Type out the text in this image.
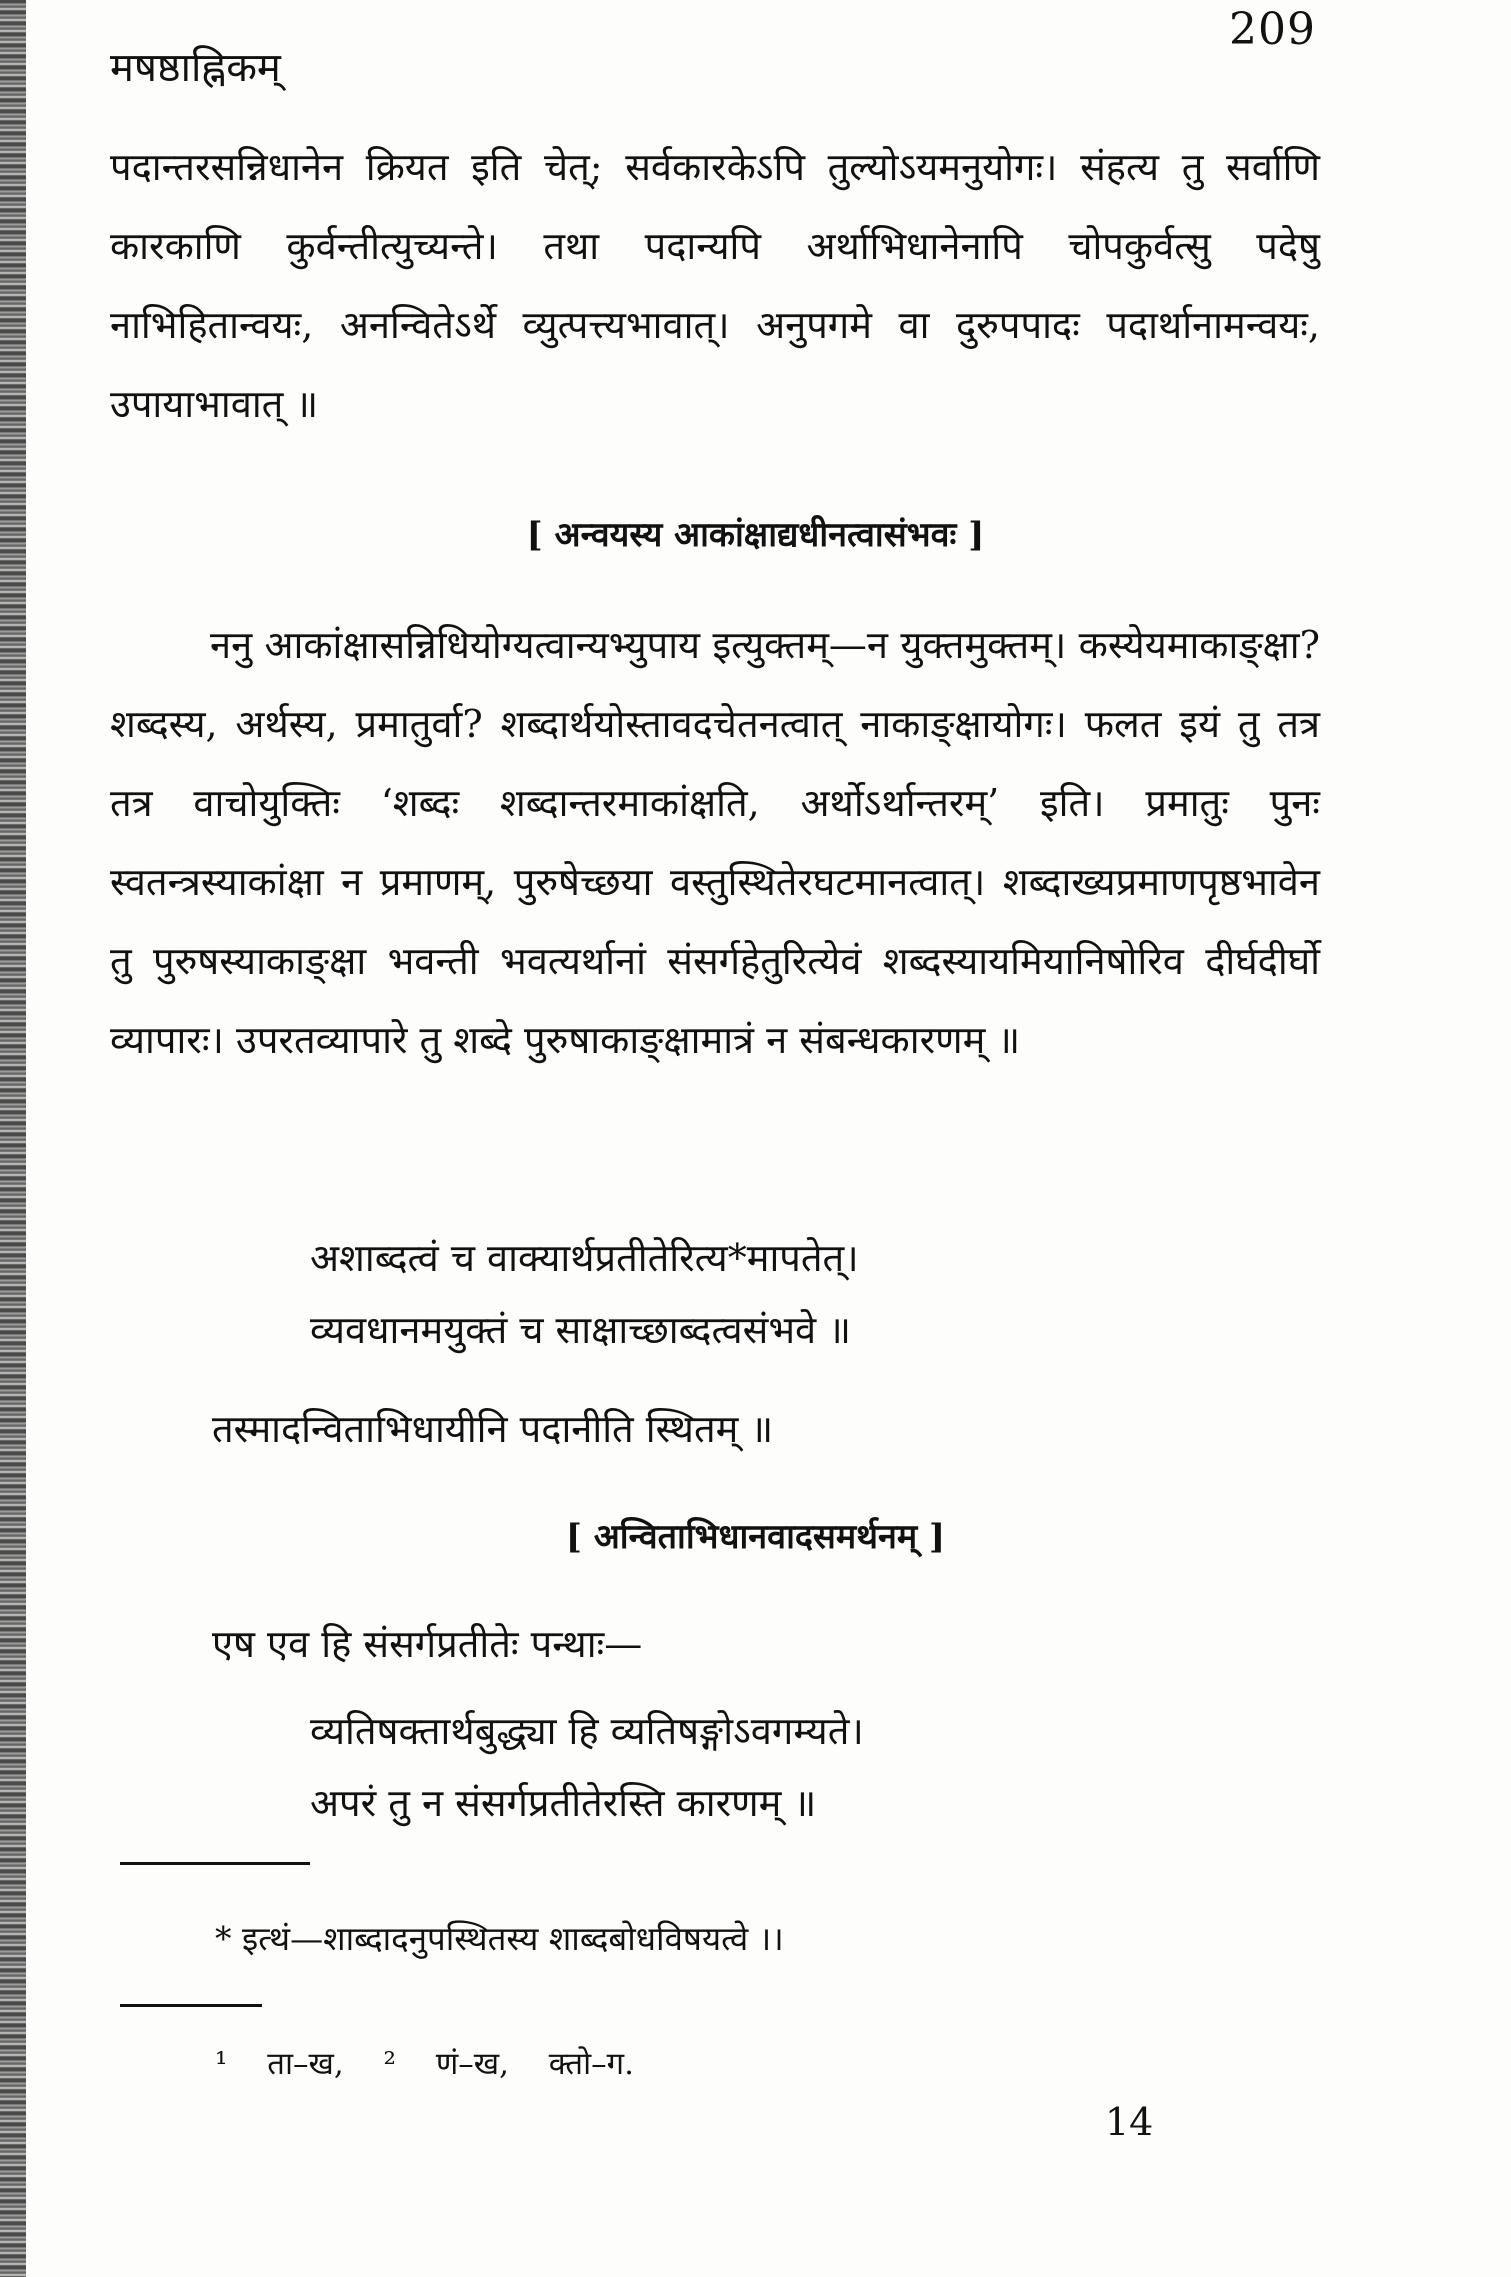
209
मषष्ठाह्निकम्

पदान्तरसन्निधानेन क्रियत इति चेत्; सर्वकारकेऽपि तुल्योऽयमनुयोगः। संहत्य तु सर्वाणि कारकाणि कुर्वन्तीत्युच्यन्ते। तथा पदान्यपि अर्थाभिधानेनापि चोपकुर्वत्सु पदेषु नाभिहितान्वयः, अनन्वितेऽर्थे व्युत्पत्त्यभावात्। अनुपगमे वा दुरुपपादः पदार्थानामन्वयः, उपायाभावात् ॥

[ अन्वयस्य आकांक्षाद्यधीनत्वासंभवः ]

ननु आकांक्षासन्निधियोग्यत्वान्यभ्युपाय इत्युक्तम्—न युक्तमुक्तम्। कस्येयमाकाङ्क्षा? शब्दस्य, अर्थस्य, प्रमातुर्वा? शब्दार्थयोस्तावदचेतनत्वात् नाकाङ्क्षायोगः। फलत इयं तु तत्र तत्र वाचोयुक्तिः ‘शब्दः शब्दान्तरमाकांक्षति, अर्थोऽर्थान्तरम्’ इति। प्रमातुः पुनः स्वतन्त्रस्याकांक्षा न प्रमाणम्, पुरुषेच्छया वस्तुस्थितेरघटमानत्वात्। शब्दाख्यप्रमाणपृष्ठभावेन तु पुरुषस्याकाङ्क्षा भवन्ती भवत्यर्थानां संसर्गहेतुरित्येवं शब्दस्यायमियानिषोरिव दीर्घदीर्घो व्यापारः। उपरतव्यापारे तु शब्दे पुरुषाकाङ्क्षामात्रं न संबन्धकारणम् ॥

अशाब्दत्वं च वाक्यार्थप्रतीतेरित्य*मापतेत्।
व्यवधानमयुक्तं च साक्षाच्छाब्दत्वसंभवे ॥

तस्मादन्विताभिधायीनि पदानीति स्थितम् ॥

[ अन्विताभिधानवादसमर्थनम् ]

एष एव हि संसर्गप्रतीतेः पन्थाः—

व्यतिषक्तार्थबुद्ध्या हि व्यतिषङ्गोऽवगम्यते।
अपरं तु न संसर्गप्रतीतेरस्ति कारणम् ॥
* इत्थं—शाब्दादनुपस्थितस्य शाब्दबोधविषयत्वे ।।
¹ ता–ख, ² णं–ख, क्तो–ग.
14
